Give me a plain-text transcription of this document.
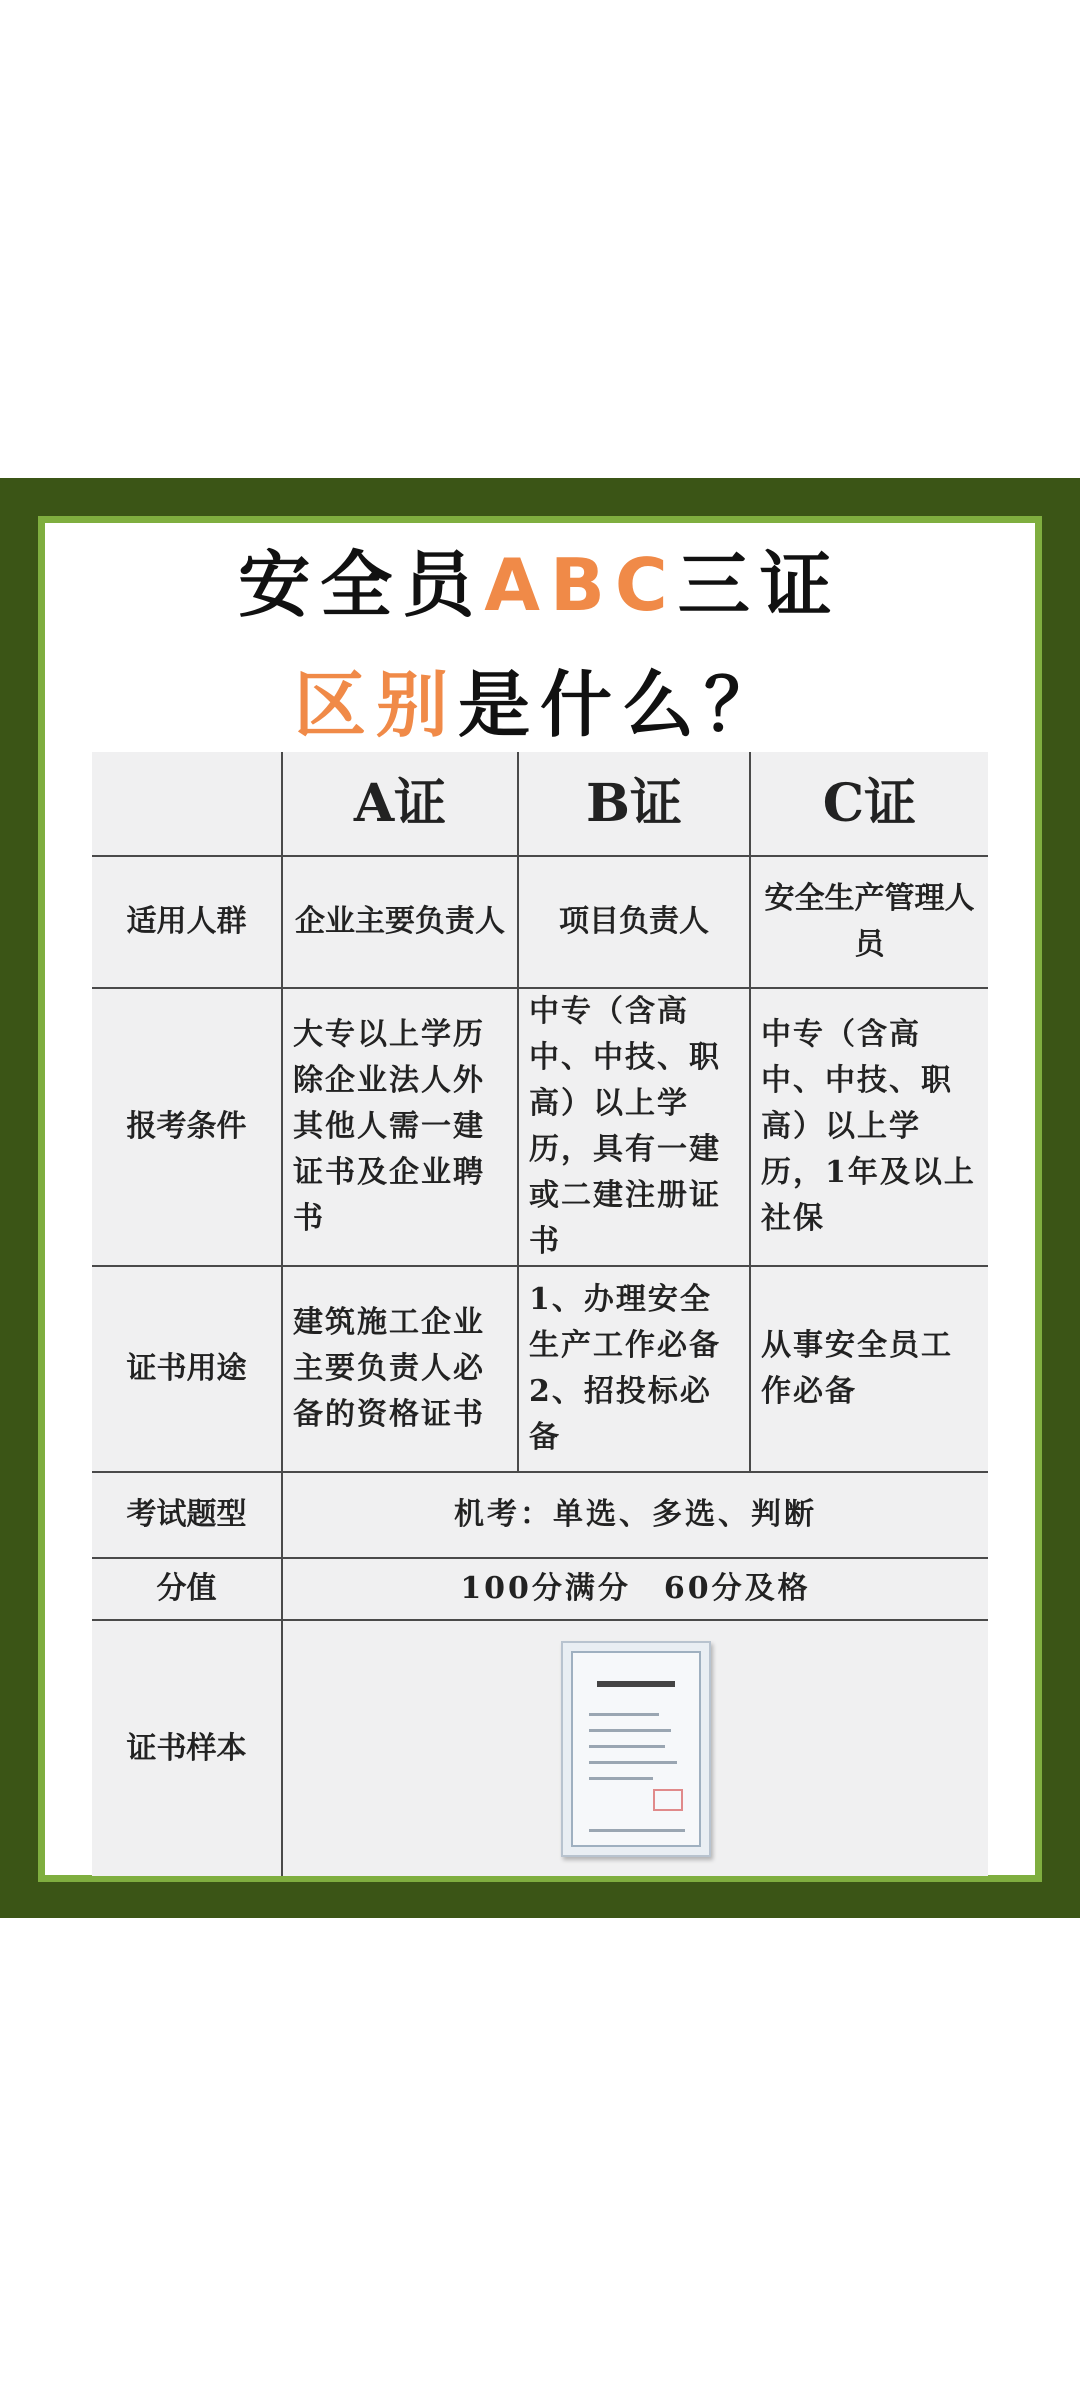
安全员ABC三证
区别是什么？
	A证	B证	C证
适用人群	企业主要负责人	项目负责人	安全生产管理人员
报考条件	大专以上学历除企业法人外其他人需一建证书及企业聘书	中专（含高中、中技、职高）以上学历，具有一建或二建注册证书	中专（含高中、中技、职高）以上学历，1年及以上社保
证书用途	建筑施工企业主要负责人必备的资格证书	1、办理安全生产工作必备 2、招投标必备	从事安全员工作必备
考试题型	机考：单选、多选、判断		
分值	100分满分　60分及格		
证书样本			
